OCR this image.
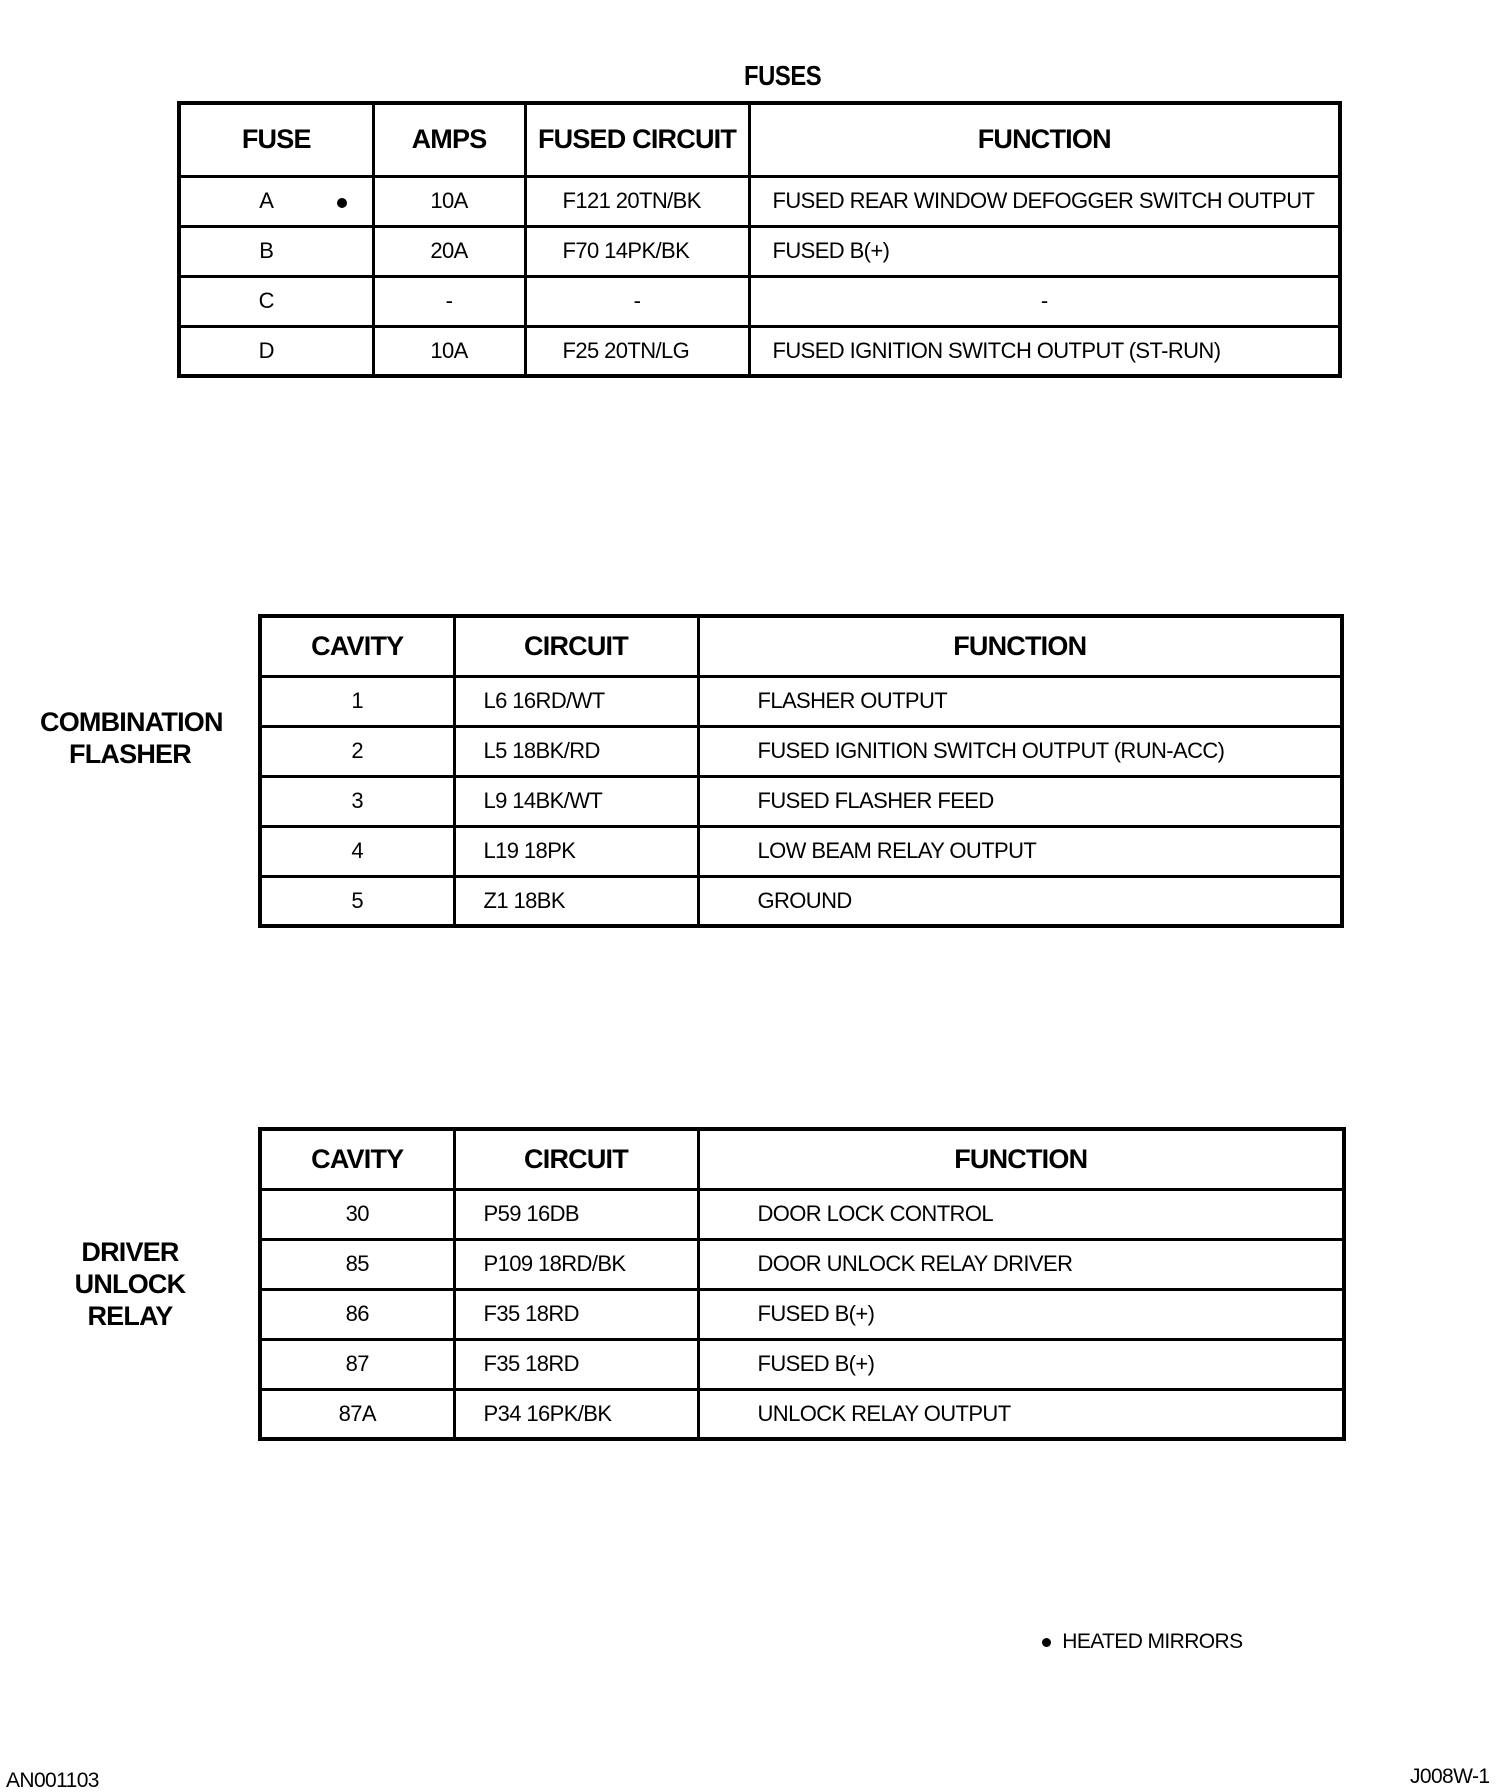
FUSES
FUSE	AMPS	FUSED CIRCUIT	FUNCTION
A	10A	F121 20TN/BK	FUSED REAR WINDOW DEFOGGER SWITCH OUTPUT
B	20A	F70 14PK/BK	FUSED B(+)
C	-	-	-
D	10A	F25 20TN/LG	FUSED IGNITION SWITCH OUTPUT (ST-RUN)
COMBINATION
FLASHER
CAVITY	CIRCUIT	FUNCTION
1	L6 16RD/WT	FLASHER OUTPUT
2	L5 18BK/RD	FUSED IGNITION SWITCH OUTPUT (RUN-ACC)
3	L9 14BK/WT	FUSED FLASHER FEED
4	L19 18PK	LOW BEAM RELAY OUTPUT
5	Z1 18BK	GROUND
DRIVER
UNLOCK
RELAY
CAVITY	CIRCUIT	FUNCTION
30	P59 16DB	DOOR LOCK CONTROL
85	P109 18RD/BK	DOOR UNLOCK RELAY DRIVER
86	F35 18RD	FUSED B(+)
87	F35 18RD	FUSED B(+)
87A	P34 16PK/BK	UNLOCK RELAY OUTPUT
HEATED MIRRORS
AN001103	J008W-1
